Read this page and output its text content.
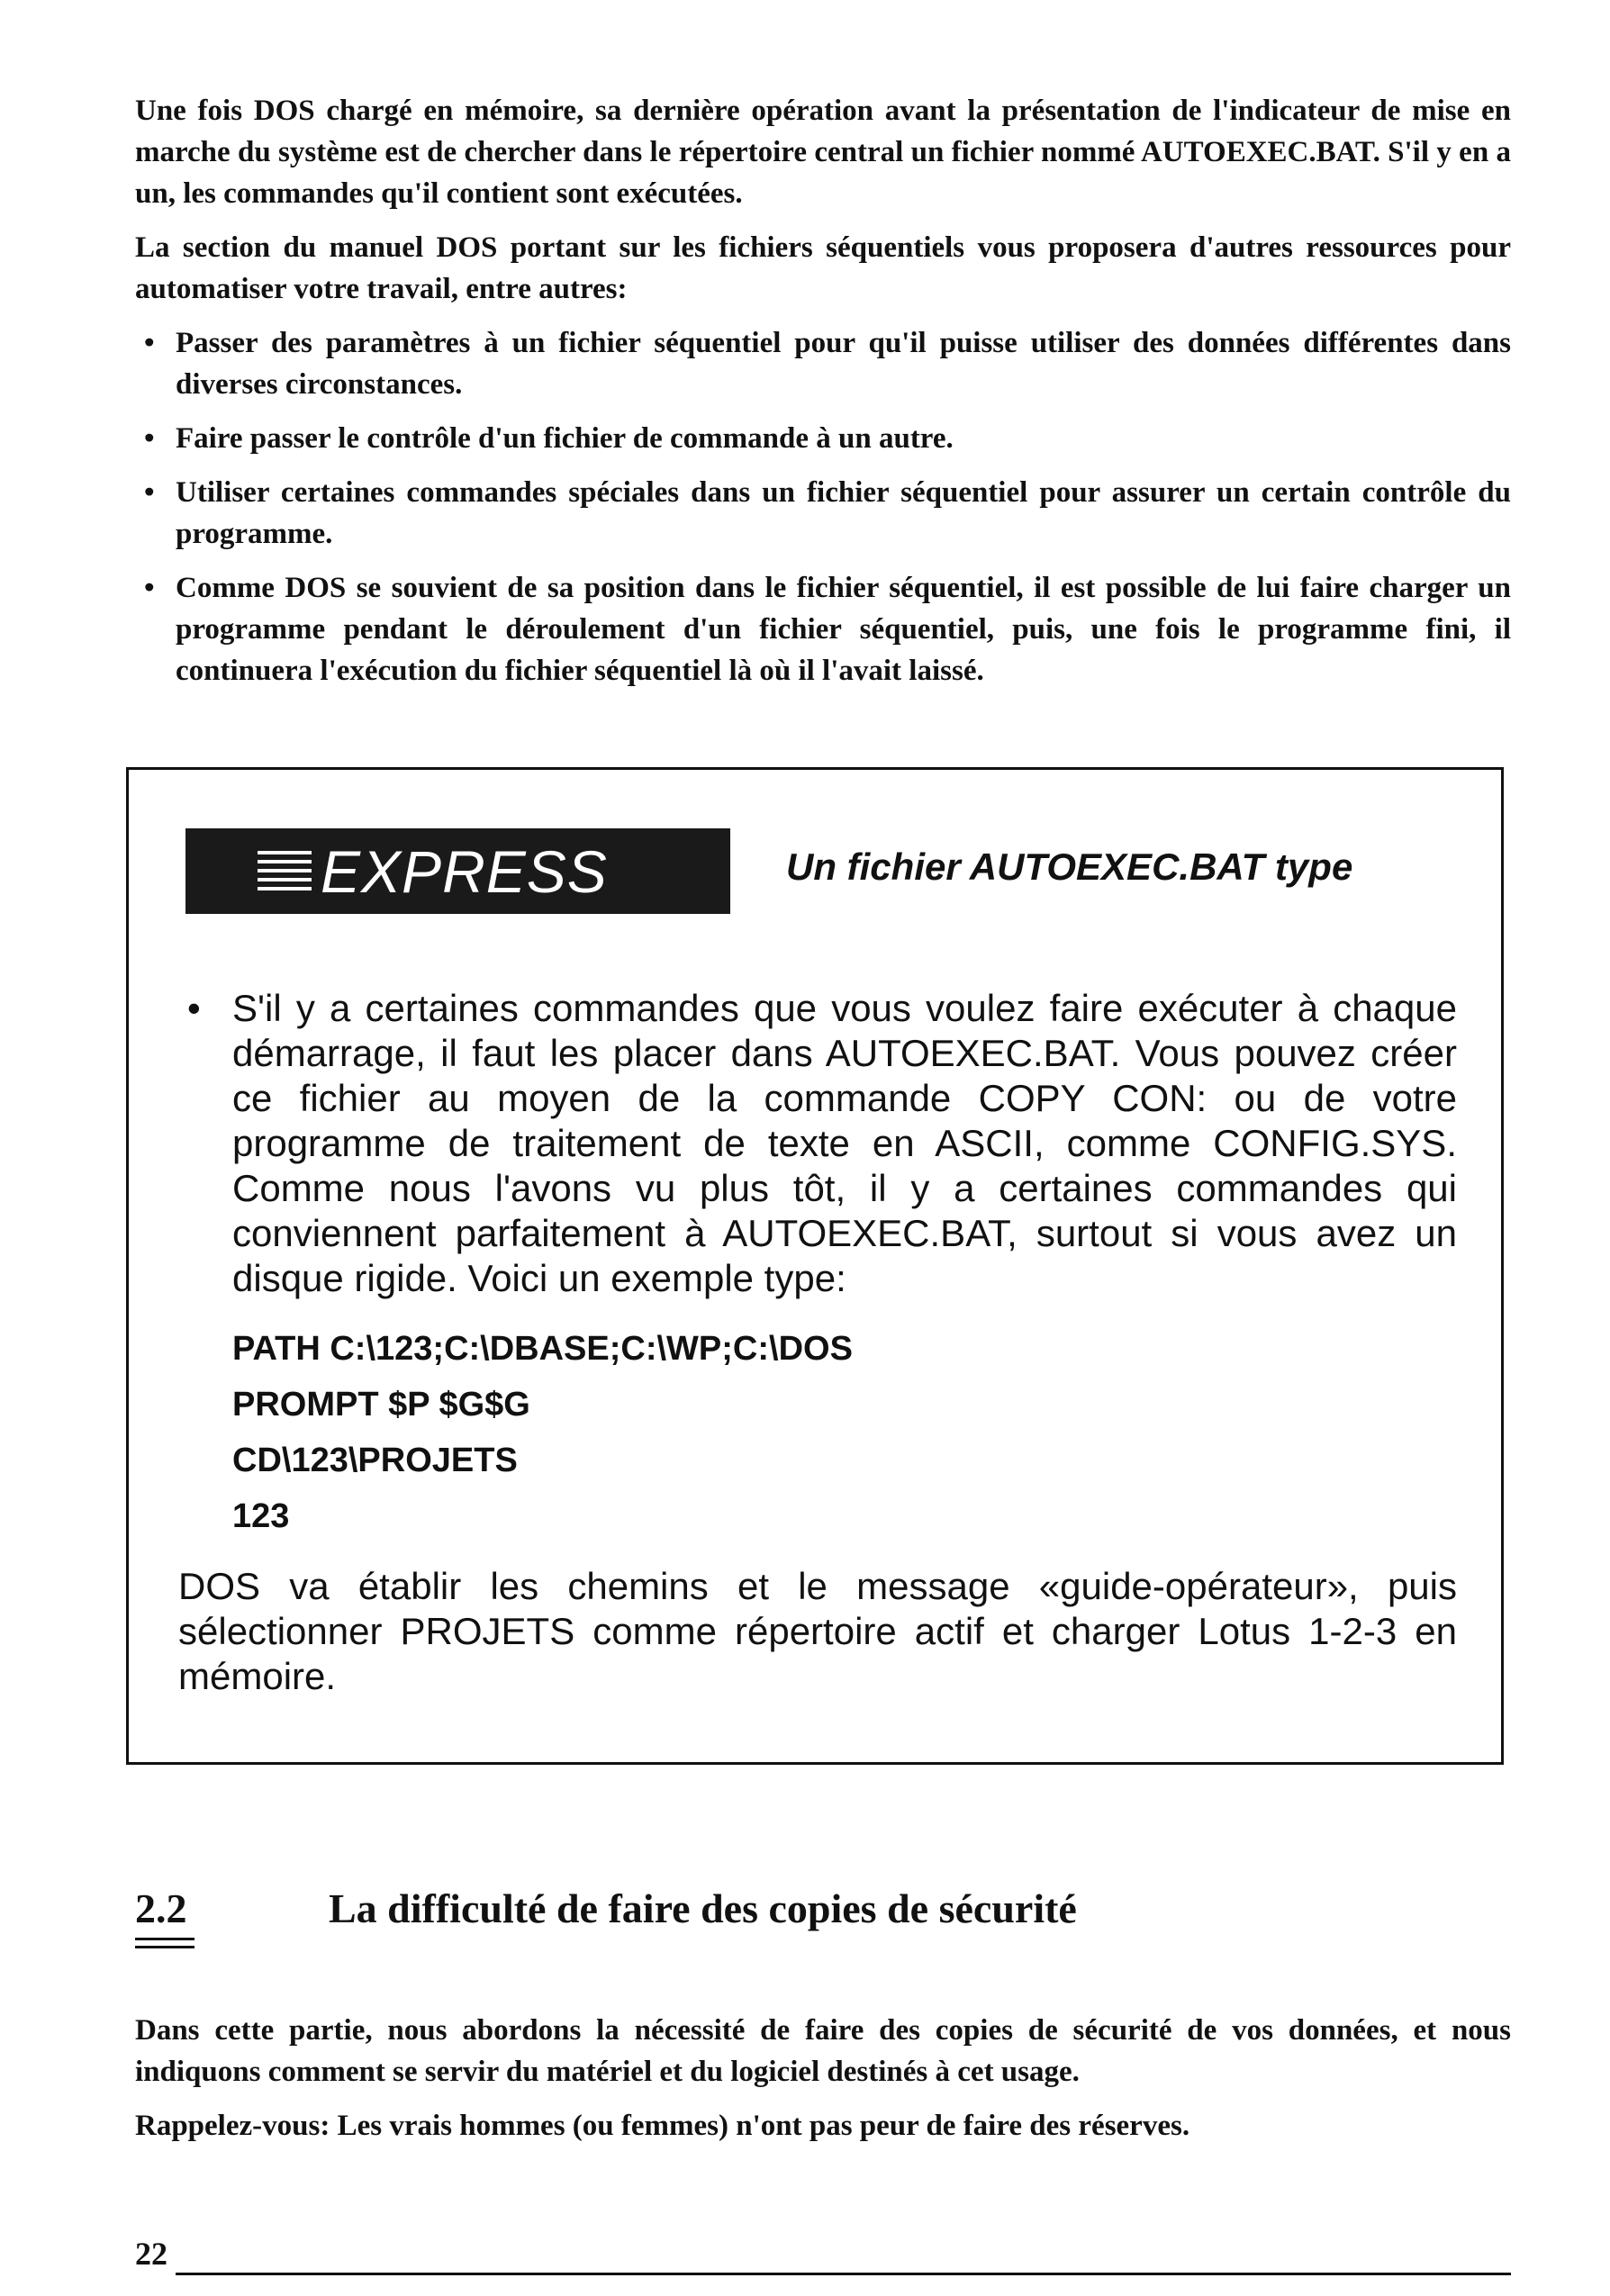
Une fois DOS chargé en mémoire, sa dernière opération avant la présentation de l'indicateur de mise en marche du système est de chercher dans le répertoire central un fichier nommé AUTOEXEC.BAT. S'il y en a un, les commandes qu'il contient sont exécutées.

La section du manuel DOS portant sur les fichiers séquentiels vous proposera d'autres ressources pour automatiser votre travail, entre autres:

• Passer des paramètres à un fichier séquentiel pour qu'il puisse utiliser des données différentes dans diverses circonstances.
• Faire passer le contrôle d'un fichier de commande à un autre.
• Utiliser certaines commandes spéciales dans un fichier séquentiel pour assurer un certain contrôle du programme.
• Comme DOS se souvient de sa position dans le fichier séquentiel, il est possible de lui faire charger un programme pendant le déroulement d'un fichier séquentiel, puis, une fois le programme fini, il continuera l'exécution du fichier séquentiel là où il l'avait laissé.
EXPRESS	Un fichier AUTOEXEC.BAT type
• S'il y a certaines commandes que vous voulez faire exécuter à chaque démarrage, il faut les placer dans AUTOEXEC.BAT. Vous pouvez créer ce fichier au moyen de la commande COPY CON: ou de votre programme de traitement de texte en ASCII, comme CONFIG.SYS. Comme nous l'avons vu plus tôt, il y a certaines commandes qui conviennent parfaitement à AUTOEXEC.BAT, surtout si vous avez un disque rigide. Voici un exemple type:
PATH C:\123;C:\DBASE;C:\WP;C:\DOS
PROMPT $P $G$G
CD\123\PROJETS
123
DOS va établir les chemins et le message «guide-opérateur», puis sélectionner PROJETS comme répertoire actif et charger Lotus 1-2-3 en mémoire.
2.2	La difficulté de faire des copies de sécurité

Dans cette partie, nous abordons la nécessité de faire des copies de sécurité de vos données, et nous indiquons comment se servir du matériel et du logiciel destinés à cet usage.

Rappelez-vous: Les vrais hommes (ou femmes) n'ont pas peur de faire des réserves.

22
